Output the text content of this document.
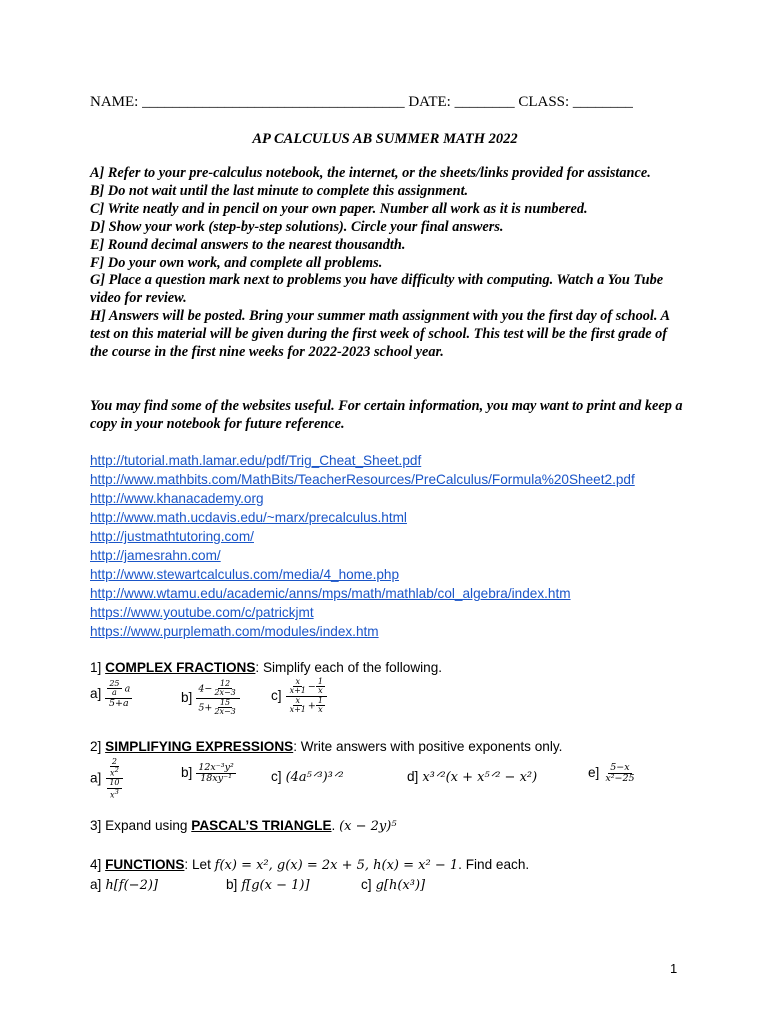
NAME: ___________________________________ DATE: ________ CLASS: ________
AP CALCULUS AB SUMMER MATH 2022
A] Refer to your pre-calculus notebook, the internet, or the sheets/links provided for assistance.
B] Do not wait until the last minute to complete this assignment.
C] Write neatly and in pencil on your own paper. Number all work as it is numbered.
D] Show your work (step-by-step solutions). Circle your final answers.
E] Round decimal answers to the nearest thousandth.
F] Do your own work, and complete all problems.
G] Place a question mark next to problems you have difficulty with computing. Watch a You Tube video for review.
H] Answers will be posted. Bring your summer math assignment with you the first day of school. A test on this material will be given during the first week of school. This test will be the first grade of the course in the first nine weeks for 2022-2023 school year.
You may find some of the websites useful. For certain information, you may want to print and keep a copy in your notebook for future reference.
http://tutorial.math.lamar.edu/pdf/Trig_Cheat_Sheet.pdf
http://www.mathbits.com/MathBits/TeacherResources/PreCalculus/Formula%20Sheet2.pdf
http://www.khanacademy.org
http://www.math.ucdavis.edu/~marx/precalculus.html
http://justmathtutoring.com/
http://jamesrahn.com/
http://www.stewartcalculus.com/media/4_home.php
http://www.wtamu.edu/academic/anns/mps/math/mathlab/col_algebra/index.htm
https://www.youtube.com/c/patrickjmt
https://www.purplemath.com/modules/index.htm
1] COMPLEX FRACTIONS: Simplify each of the following.
$a] \frac{\frac{25}{a} a}{5+a}$	$b] \frac{4- \frac{12}{2x-3}}{5+ \frac{15}{2x-3}} c] \frac{\frac{x}{x+1} - \frac{1}{x}}{\frac{x}{x+1} + \frac{1}{x}}$
2] SIMPLIFYING EXPRESSIONS: Write answers with positive exponents only.
$a] \frac{\frac{2}{x^2}}{\frac{10}{x^3}}$	$b] \frac{\text{12x⁻³y²}}{\text{18xy⁻¹}}$	c] (4a⁵ᐟ³)³ᐟ²	d] x³ᐟ²(x + x⁵ᐟ² − x²)	$e] \frac{5-x}{\text{x²−25}}$
3] Expand using PASCAL’S TRIANGLE. (x − 2y)⁵
4] FUNCTIONS: Let f(x) = x², g(x) = 2x + 5, h(x) = x² − 1. Find each.
a] h[f(−2)]	b] f[g(x − 1)]	c] g[h(x³)]
1
